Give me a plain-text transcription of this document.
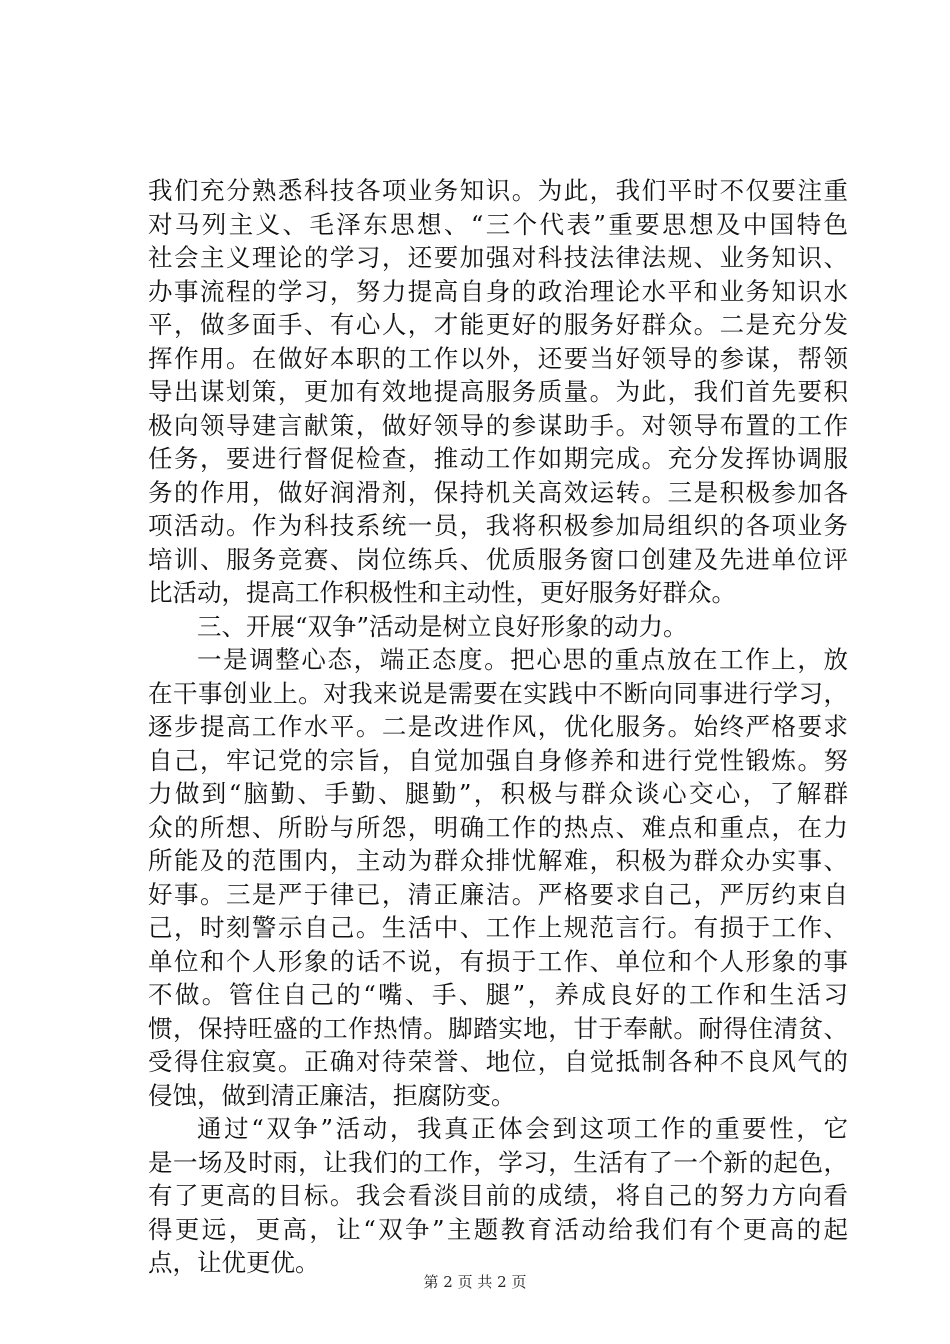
我们充分熟悉科技各项业务知识。为此，我们平时不仅要注重
对马列主义、毛泽东思想、“三个代表”重要思想及中国特色
社会主义理论的学习，还要加强对科技法律法规、业务知识、
办事流程的学习，努力提高自身的政治理论水平和业务知识水
平，做多面手、有心人，才能更好的服务好群众。二是充分发
挥作用。在做好本职的工作以外，还要当好领导的参谋，帮领
导出谋划策，更加有效地提高服务质量。为此，我们首先要积
极向领导建言献策，做好领导的参谋助手。对领导布置的工作
任务，要进行督促检查，推动工作如期完成。充分发挥协调服
务的作用，做好润滑剂，保持机关高效运转。三是积极参加各
项活动。作为科技系统一员，我将积极参加局组织的各项业务
培训、服务竞赛、岗位练兵、优质服务窗口创建及先进单位评
比活动，提高工作积极性和主动性，更好服务好群众。
三、开展“双争”活动是树立良好形象的动力。
一是调整心态，端正态度。把心思的重点放在工作上，放
在干事创业上。对我来说是需要在实践中不断向同事进行学习，
逐步提高工作水平。二是改进作风，优化服务。始终严格要求
自己，牢记党的宗旨，自觉加强自身修养和进行党性锻炼。努
力做到“脑勤、手勤、腿勤”，积极与群众谈心交心，了解群
众的所想、所盼与所怨，明确工作的热点、难点和重点，在力
所能及的范围内，主动为群众排忧解难，积极为群众办实事、
好事。三是严于律已，清正廉洁。严格要求自己，严厉约束自
己，时刻警示自己。生活中、工作上规范言行。有损于工作、
单位和个人形象的话不说，有损于工作、单位和个人形象的事
不做。管住自己的“嘴、手、腿”，养成良好的工作和生活习
惯，保持旺盛的工作热情。脚踏实地，甘于奉献。耐得住清贫、
受得住寂寞。正确对待荣誉、地位，自觉抵制各种不良风气的
侵蚀，做到清正廉洁，拒腐防变。
通过“双争”活动，我真正体会到这项工作的重要性，它
是一场及时雨，让我们的工作，学习，生活有了一个新的起色，
有了更高的目标。我会看淡目前的成绩，将自己的努力方向看
得更远，更高，让“双争”主题教育活动给我们有个更高的起
点，让优更优。
第 2 页 共 2 页
